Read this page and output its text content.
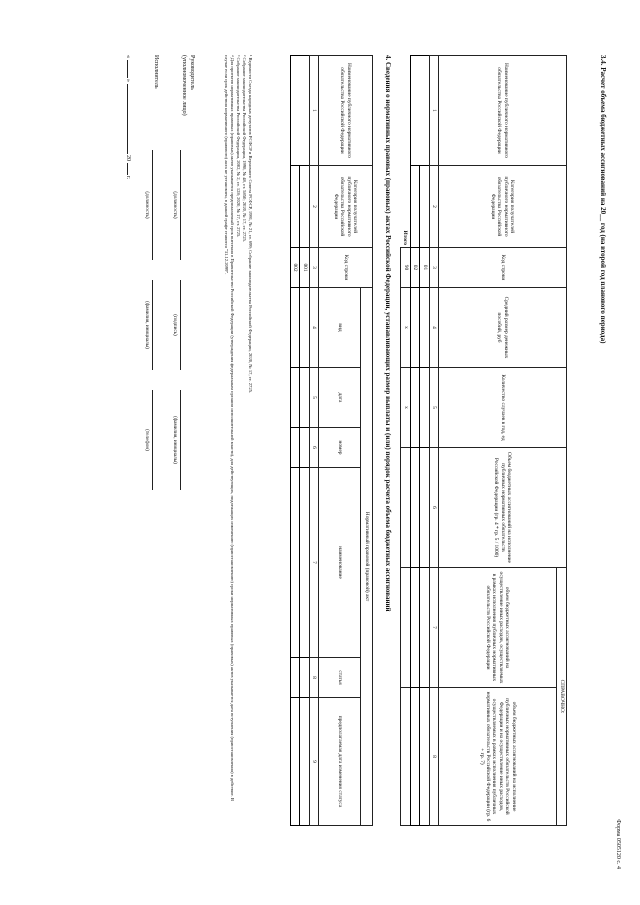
Форма 0505120 с. 4
3.4. Расчет объема бюджетных ассигнований на 20__ год (на второй год планового периода)
Наименование публичного нормативного обязательства Российской Федерации	Категория получателей публичного нормативного обязательства Российской Федерации	Код строки	Средний размер денежных пособий, руб	Количество случаев в год, ед	Объем бюджетных ассигнований на исполнение публичных нормативных обязательств Российской Федерации (гр. 4 * гр. 5 / 1000)	СПРАВОЧНО:	
						объем бюджетных ассигнований на осуществление иных расходов, осуществляемых в рамках исполнения публичных нормативных обязательств Российской Федерации	объем бюджетных ассигнований на исполнение публичных нормативных обязательств Российской Федерации и на осуществление иных расходов, осуществляемых в рамках исполнения публичных нормативных обязательств Российской Федерации (гр. 6 + гр. 7)
1	2	3	4	5	6	7	8
		01					
		02					
Итого		90	х	х			
4. Сведения о нормативных правовых (правовых) актах Российской Федерации, устанавливающих размер выплаты и (или) порядок расчета объема бюджетных ассигнований
Наименование публичного нормативного обязательства Российской Федерации	Категория получателей публичного нормативного обязательства Российской Федерации	Код строки	Нормативный правовой (правовой) акт					
			вид	дата	номер	наименование	статья	предполагаемая дата изменения статуса
1	2	3	4	5	6	7	8	9
		001						
		002						
¹ Ведомости Съезда народных депутатов РСФСР и Верховного Совета РСФСР, 1991, № 21, ст. 699; Собрание законодательства Российской Федерации, 2020, № 17, ст. 2725.
² Собрание законодательства Российской Федерации, 1998, № 48, ст. 5850; 2020, № 17, ст. 2725.
³ Собрание законодательства Российской Федерации, 2002, № 2, ст. 128; 2020, № 17, ст. 2725.
⁴ Для проектов нормативных правовых (правовых) актов указывается предполагаемый срок внесения в Правительство Российской Федерации (утверждения федеральным органом исполнительной власти), для действующих, подлежащих изменению (приостановлению) сроки нормативных правовых (правовых) актов указывается дата вступления (приостановления) в действие. В случае если срок действия нормативного (правового) акта не установлен, в данной графе ставится "31.12.2099".
Руководитель
(уполномоченное лицо)
(должность)
(подпись)
(фамилия, инициалы)
Исполнитель
(должность)
(фамилия, инициалы)
(телефон)
«  »  20  г.
